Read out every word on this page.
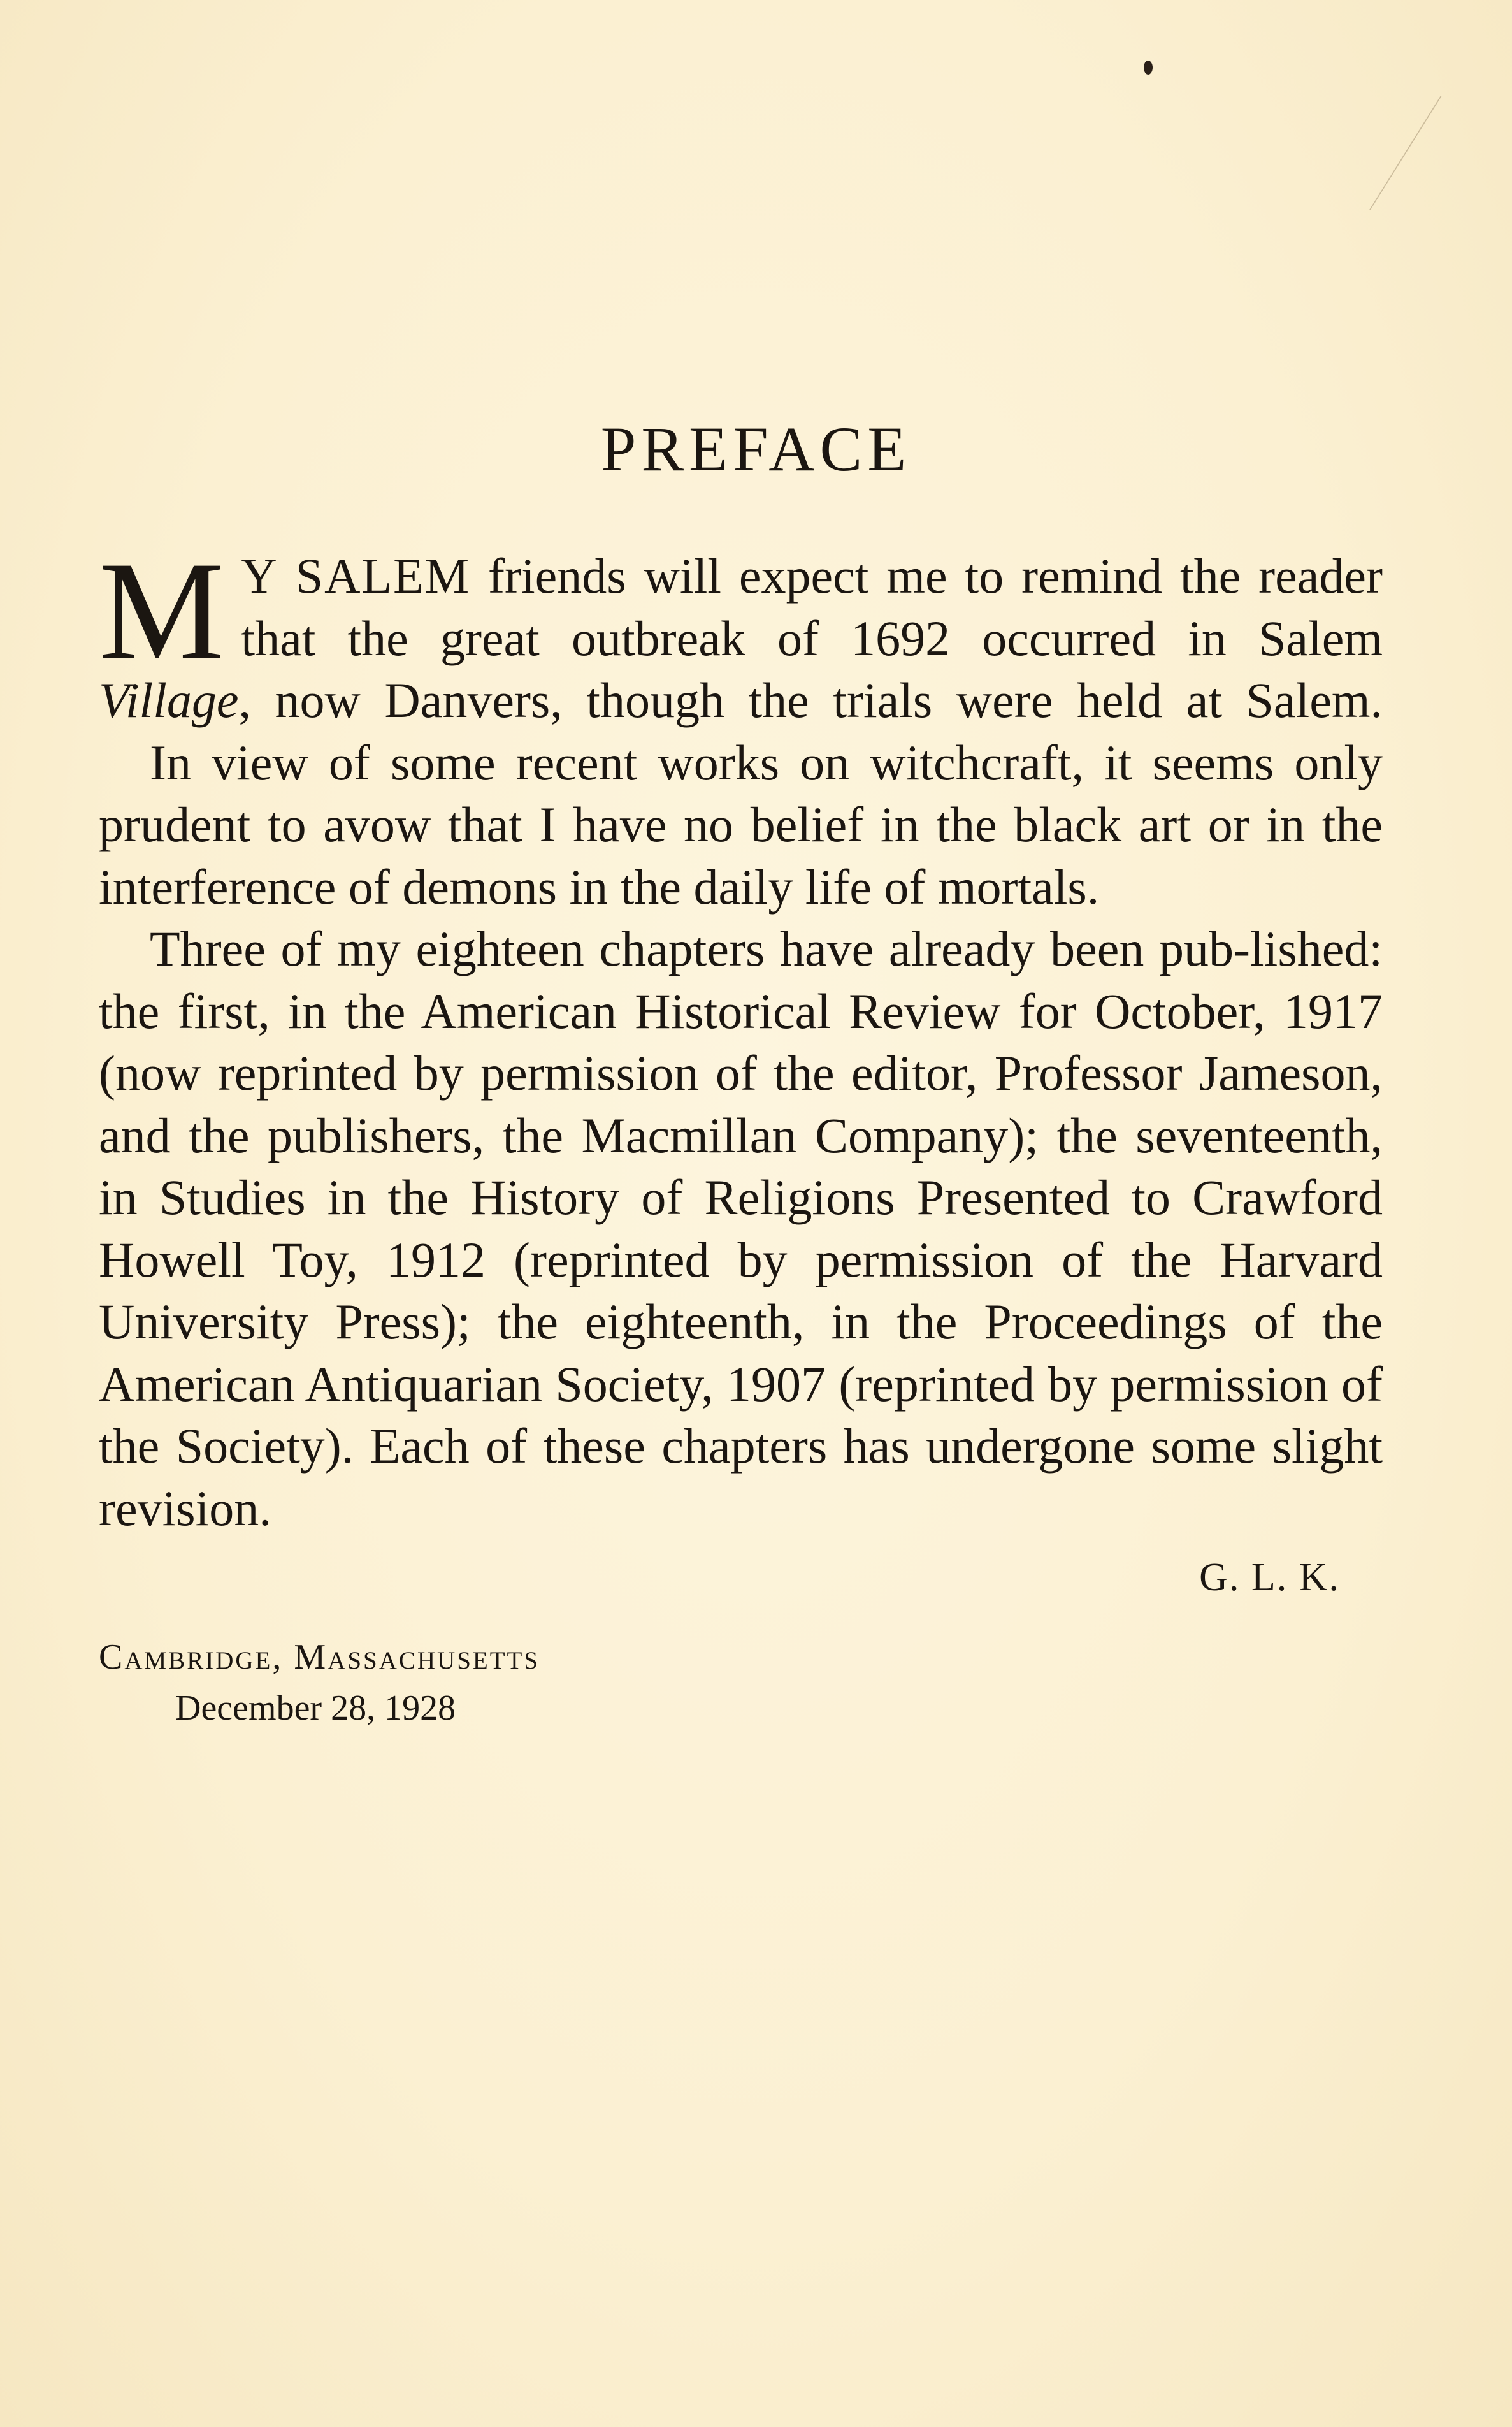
PREFACE

M Y SALEM friends will expect me to remind the reader that the great outbreak of 1692 occurred in Salem Village, now Danvers, though the trials were held at Salem.

In view of some recent works on witchcraft, it seems only prudent to avow that I have no belief in the black art or in the interference of demons in the daily life of mortals.

Three of my eighteen chapters have already been pub-lished: the first, in the American Historical Review for October, 1917 (now reprinted by permission of the editor, Professor Jameson, and the publishers, the Macmillan Company); the seventeenth, in Studies in the History of Religions Presented to Crawford Howell Toy, 1912 (reprinted by permission of the Harvard University Press); the eighteenth, in the Proceedings of the American Antiquarian Society, 1907 (reprinted by permission of the Society). Each of these chapters has undergone some slight revision.

G. L. K.
Cambridge, Massachusetts
December 28, 1928
